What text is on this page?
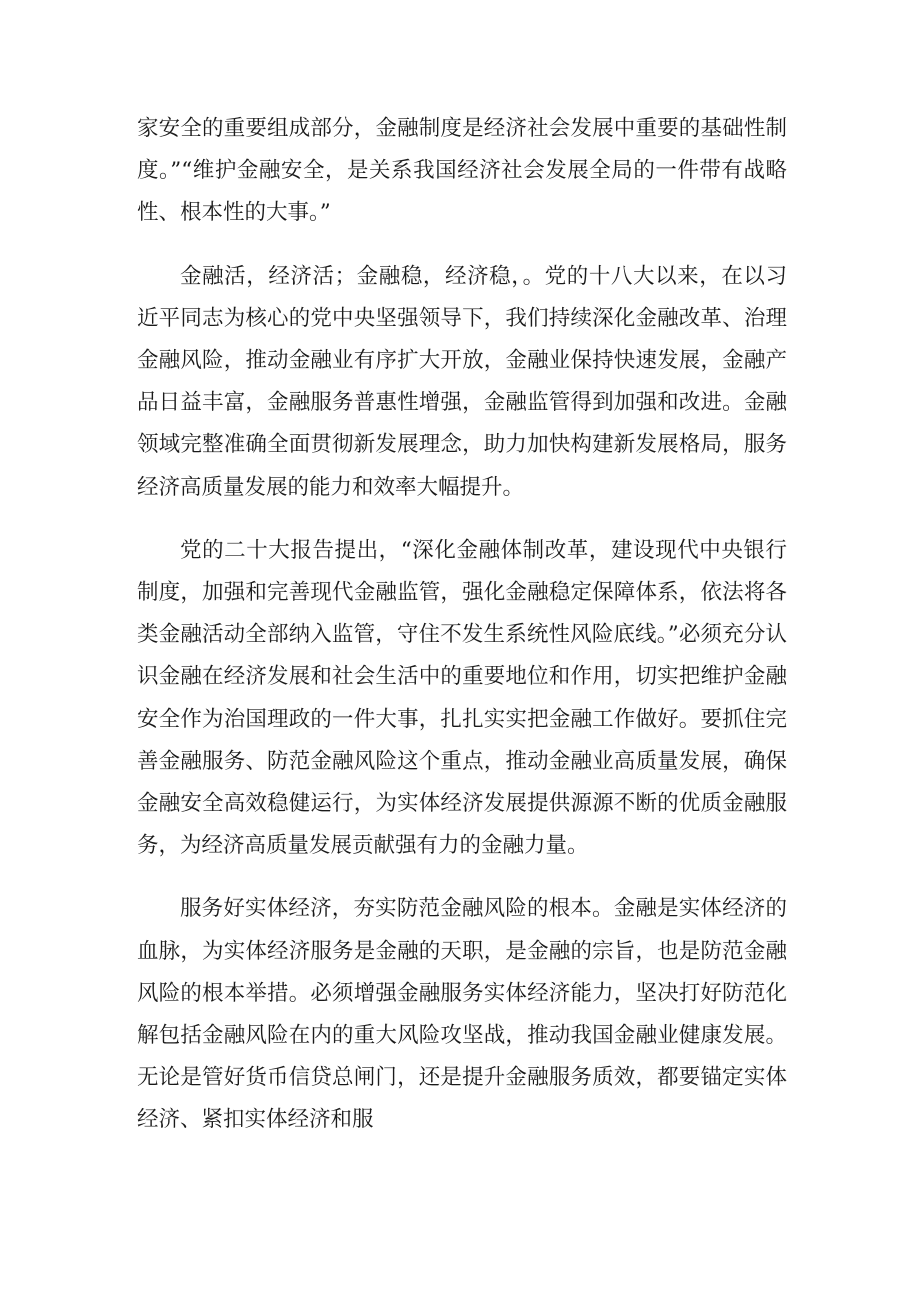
家安全的重要组成部分，金融制度是经济社会发展中重要的基础性制度。”“维护金融安全，是关系我国经济社会发展全局的一件带有战略性、根本性的大事。”

金融活，经济活；金融稳，经济稳，。党的十八大以来，在以习近平同志为核心的党中央坚强领导下，我们持续深化金融改革、治理金融风险，推动金融业有序扩大开放，金融业保持快速发展，金融产品日益丰富，金融服务普惠性增强，金融监管得到加强和改进。金融领域完整准确全面贯彻新发展理念，助力加快构建新发展格局，服务经济高质量发展的能力和效率大幅提升。

党的二十大报告提出，“深化金融体制改革，建设现代中央银行制度，加强和完善现代金融监管，强化金融稳定保障体系，依法将各类金融活动全部纳入监管，守住不发生系统性风险底线。”必须充分认识金融在经济发展和社会生活中的重要地位和作用，切实把维护金融安全作为治国理政的一件大事，扎扎实实把金融工作做好。要抓住完善金融服务、防范金融风险这个重点，推动金融业高质量发展，确保金融安全高效稳健运行，为实体经济发展提供源源不断的优质金融服务，为经济高质量发展贡献强有力的金融力量。

服务好实体经济，夯实防范金融风险的根本。金融是实体经济的血脉，为实体经济服务是金融的天职，是金融的宗旨，也是防范金融风险的根本举措。必须增强金融服务实体经济能力，坚决打好防范化解包括金融风险在内的重大风险攻坚战，推动我国金融业健康发展。无论是管好货币信贷总闸门，还是提升金融服务质效，都要锚定实体经济、紧扣实体经济和服
